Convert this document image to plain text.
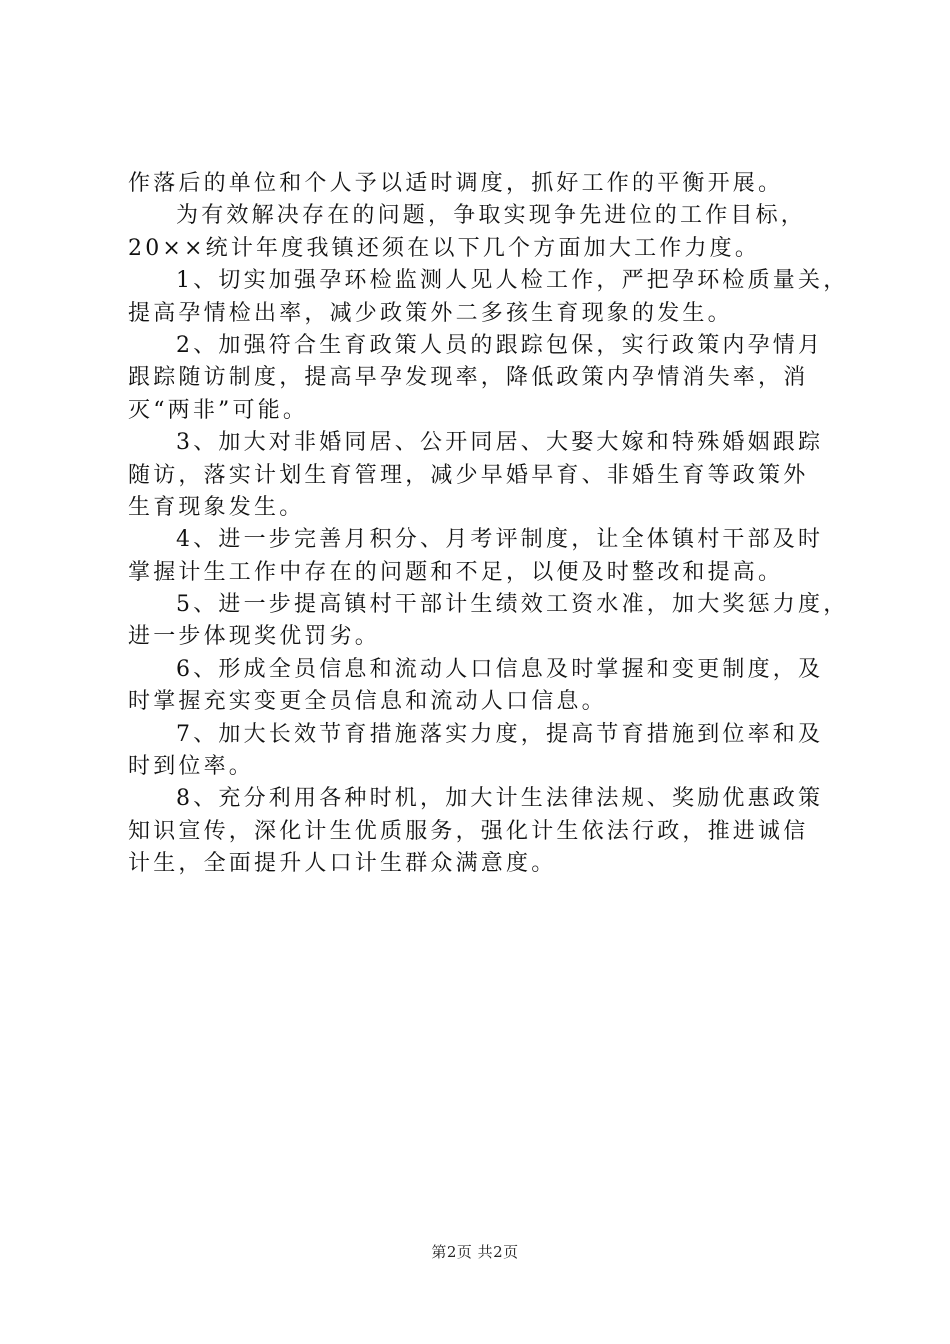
作落后的单位和个人予以适时调度，抓好工作的平衡开展。
为有效解决存在的问题，争取实现争先进位的工作目标，
20××统计年度我镇还须在以下几个方面加大工作力度。
1、切实加强孕环检监测人见人检工作，严把孕环检质量关，
提高孕情检出率，减少政策外二多孩生育现象的发生。
2、加强符合生育政策人员的跟踪包保，实行政策内孕情月
跟踪随访制度，提高早孕发现率，降低政策内孕情消失率，消
灭“两非”可能。
3、加大对非婚同居、公开同居、大娶大嫁和特殊婚姻跟踪
随访，落实计划生育管理，减少早婚早育、非婚生育等政策外
生育现象发生。
4、进一步完善月积分、月考评制度，让全体镇村干部及时
掌握计生工作中存在的问题和不足，以便及时整改和提高。
5、进一步提高镇村干部计生绩效工资水准，加大奖惩力度，
进一步体现奖优罚劣。
6、形成全员信息和流动人口信息及时掌握和变更制度，及
时掌握充实变更全员信息和流动人口信息。
7、加大长效节育措施落实力度，提高节育措施到位率和及
时到位率。
8、充分利用各种时机，加大计生法律法规、奖励优惠政策
知识宣传，深化计生优质服务，强化计生依法行政，推进诚信
计生，全面提升人口计生群众满意度。
第2页 共2页
